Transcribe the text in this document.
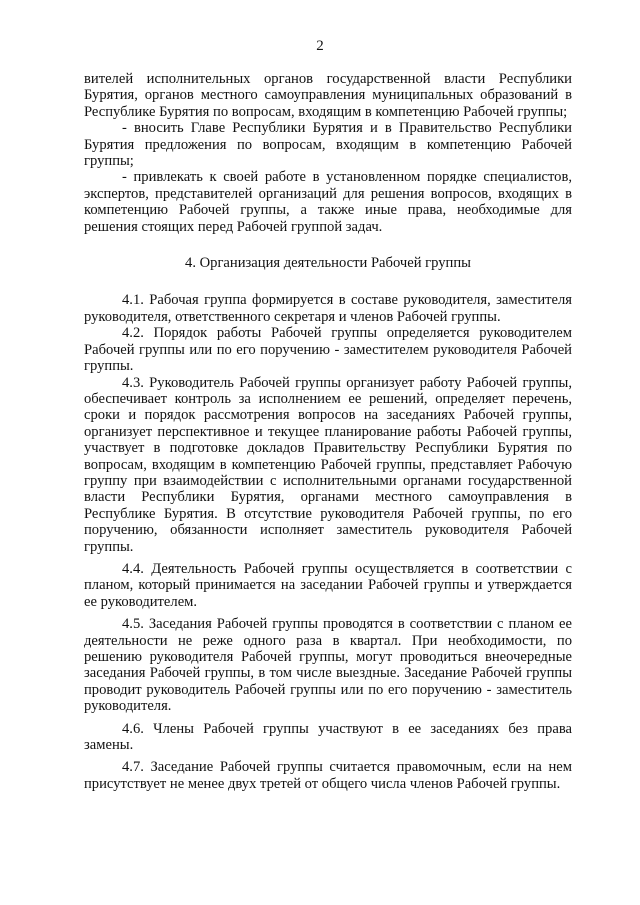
2

вителей исполнительных органов государственной власти Республики Бурятия, органов местного самоуправления муниципальных образований в Республике Бурятия по вопросам, входящим в компетенцию Рабочей группы;

- вносить Главе Республики Бурятия и в Правительство Республики Бурятия предложения по вопросам, входящим в компетенцию Рабочей группы;

- привлекать к своей работе в установленном порядке специалистов, экспертов, представителей организаций для решения вопросов, входящих в компетенцию Рабочей группы, а также иные права, необходимые для решения стоящих перед Рабочей группой задач.

4. Организация деятельности Рабочей группы

4.1. Рабочая группа формируется в составе руководителя, заместителя руководителя, ответственного секретаря и членов Рабочей группы.

4.2. Порядок работы Рабочей группы определяется руководителем Рабочей группы или по его поручению - заместителем руководителя Рабочей группы.

4.3. Руководитель Рабочей группы организует работу Рабочей группы, обеспечивает контроль за исполнением ее решений, определяет перечень, сроки и порядок рассмотрения вопросов на заседаниях Рабочей группы, организует перспективное и текущее планирование работы Рабочей группы, участвует в подготовке докладов Правительству Республики Бурятия по вопросам, входящим в компетенцию Рабочей группы, представляет Рабочую группу при взаимодействии с исполнительными органами государственной власти Республики Бурятия, органами местного самоуправления в Республике Бурятия. В отсутствие руководителя Рабочей группы, по его поручению, обязанности исполняет заместитель руководителя Рабочей группы.

4.4. Деятельность Рабочей группы осуществляется в соответствии с планом, который принимается на заседании Рабочей группы и утверждается ее руководителем.

4.5. Заседания Рабочей группы проводятся в соответствии с планом ее деятельности не реже одного раза в квартал. При необходимости, по решению руководителя Рабочей группы, могут проводиться внеочередные заседания Рабочей группы, в том числе выездные. Заседание Рабочей группы проводит руководитель Рабочей группы или по его поручению - заместитель руководителя.

4.6. Члены Рабочей группы участвуют в ее заседаниях без права замены.

4.7. Заседание Рабочей группы считается правомочным, если на нем присутствует не менее двух третей от общего числа членов Рабочей группы.
